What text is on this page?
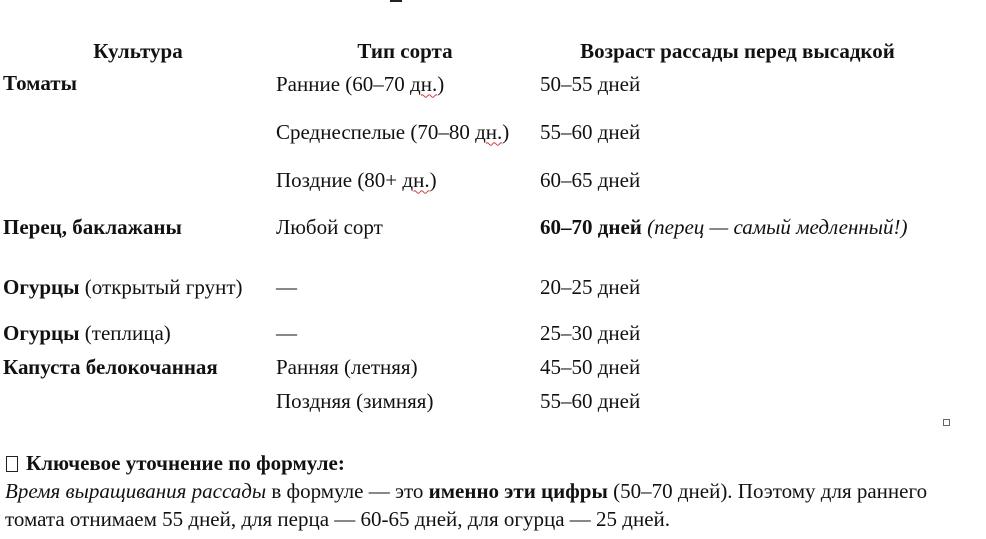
Культура	Тип сорта	Возраст рассады перед высадкой
Томаты	Ранние (60–70 дн.)	50–55 дней
	Среднеспелые (70–80 дн.)	55–60 дней
	Поздние (80+ дн.)	60–65 дней
Перец, баклажаны	Любой сорт	60–70 дней (перец — самый медленный!)
Огурцы (открытый грунт)	—	20–25 дней
Огурцы (теплица)	—	25–30 дней
Капуста белокочанная	Ранняя (летняя)	45–50 дней
	Поздняя (зимняя)	55–60 дней
Ключевое уточнение по формуле:
Время выращивания рассады в формуле — это именно эти цифры (50–70 дней). Поэтому для раннего томата отнимаем 55 дней, для перца — 60-65 дней, для огурца — 25 дней.
